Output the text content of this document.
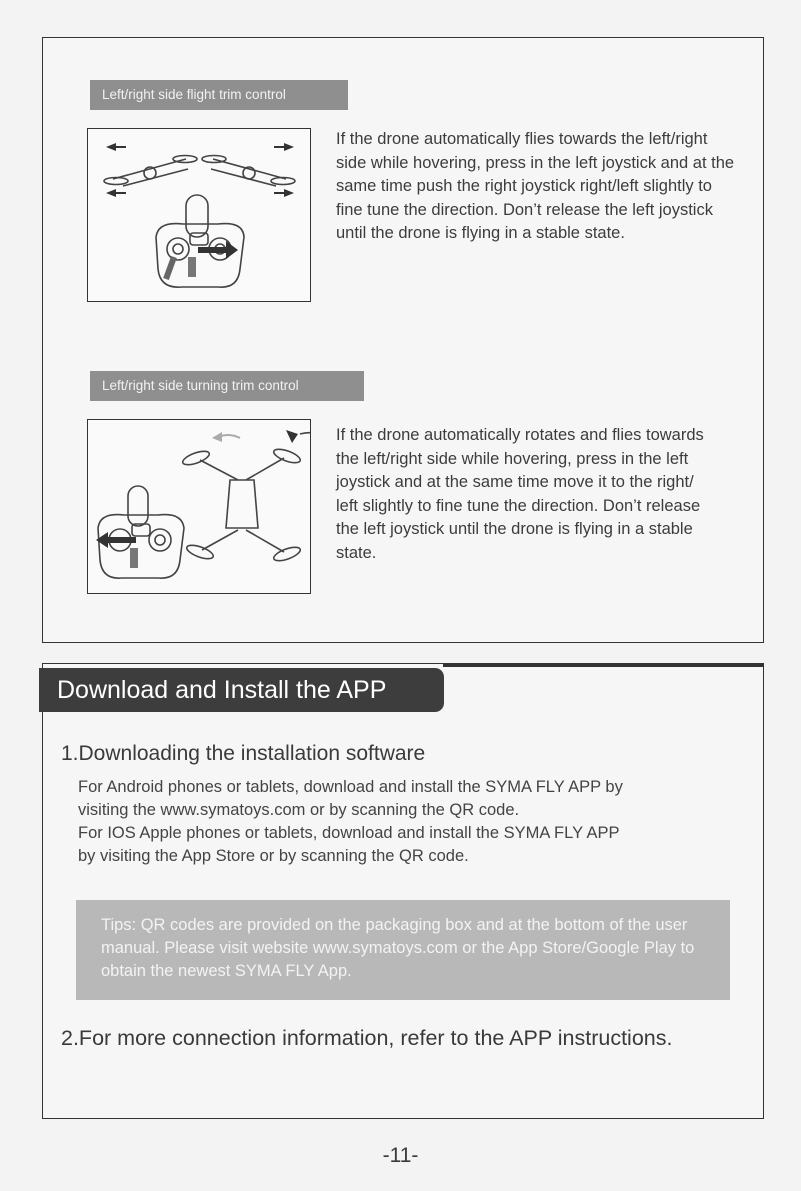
Left/right side flight trim control

If the drone automatically flies towards the left/right side while hovering, press in the left joystick and at the same time push the right joystick right/left slightly to fine tune the direction. Don’t release the left joystick until the drone is flying in a stable state.

Left/right side turning trim control

If the drone automatically rotates and flies towards the left/right side while hovering, press in the left joystick and at the same time move it to the right/ left slightly to fine tune the direction. Don’t release the left joystick until the drone is flying in a stable state.

Download and Install the APP
1.Downloading the installation software

For Android phones or tablets, download and install the SYMA FLY APP by

visiting the www.symatoys.com or by scanning the QR code.

For IOS Apple phones or tablets, download and install the SYMA FLY APP

by visiting the App Store or by scanning the QR code.

Tips: QR codes are provided on the packaging box and at the bottom of the user manual. Please visit website www.symatoys.com or the App Store/Google Play to obtain the newest SYMA FLY App.
2.For more connection information, refer to the APP instructions.
-11-
